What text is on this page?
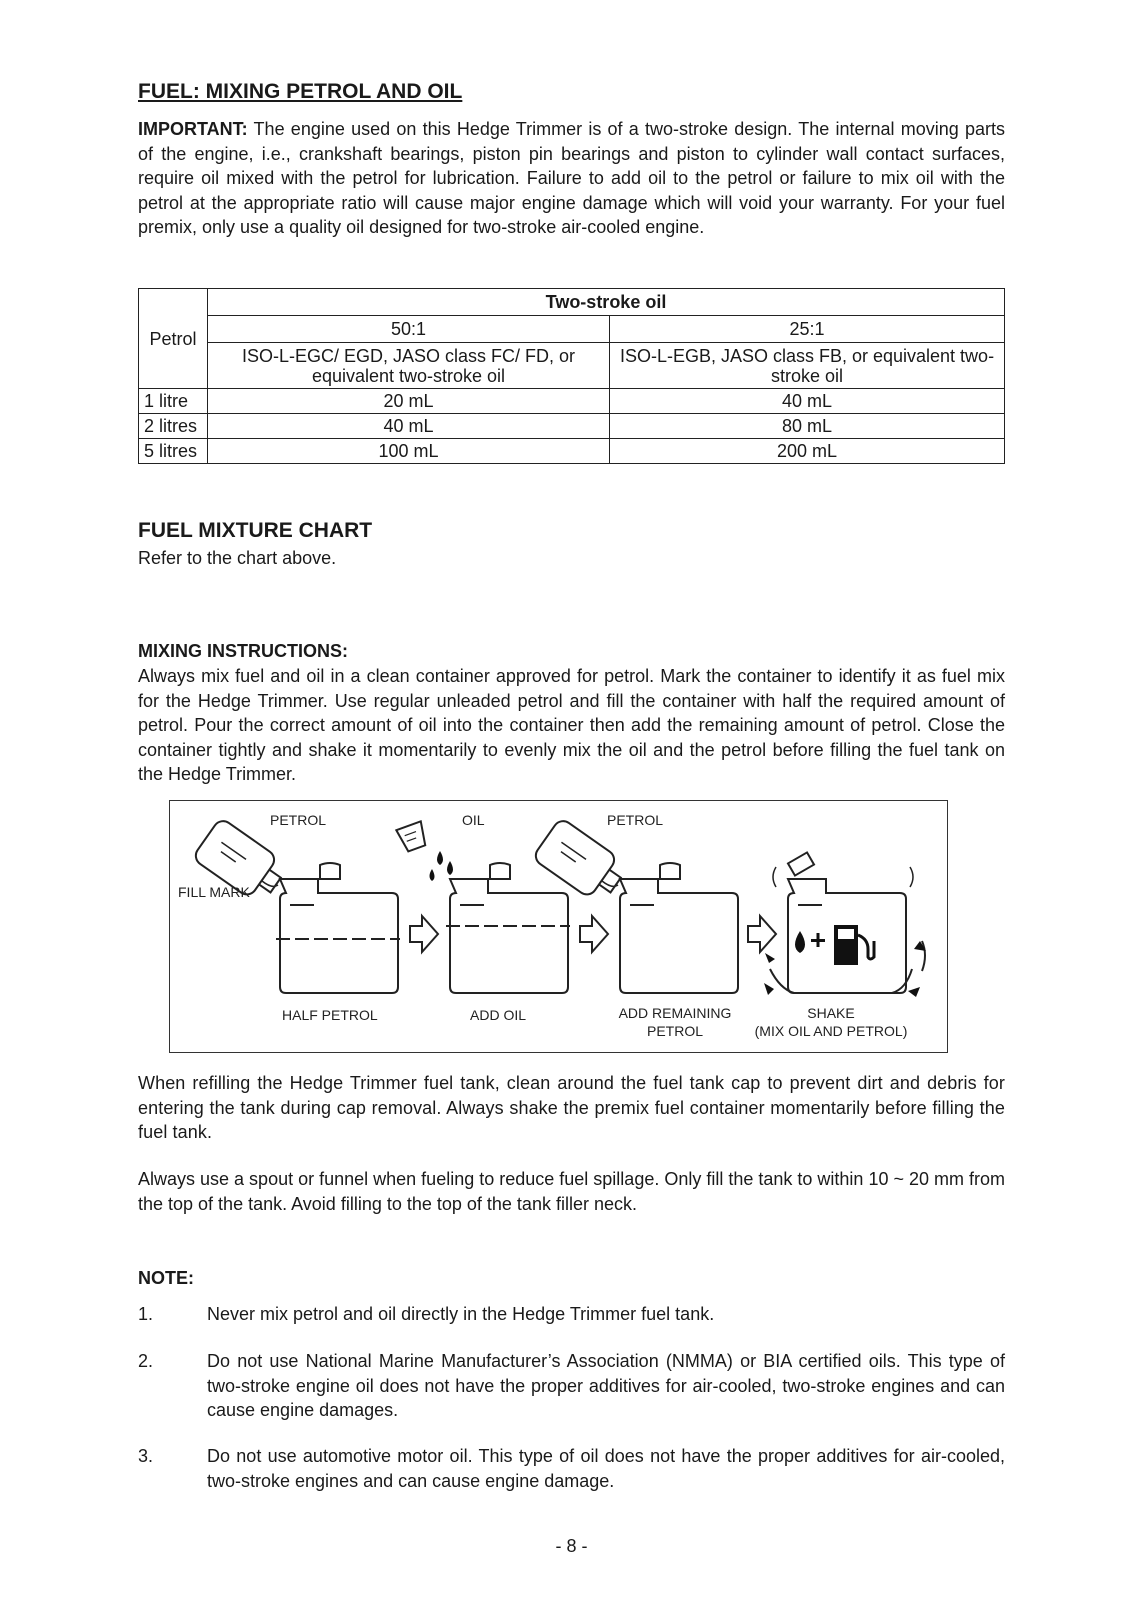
FUEL: MIXING PETROL AND OIL

IMPORTANT: The engine used on this Hedge Trimmer is of a two-stroke design. The internal moving parts of the engine, i.e., crankshaft bearings, piston pin bearings and piston to cylinder wall contact surfaces, require oil mixed with the petrol for lubrication. Failure to add oil to the petrol or failure to mix oil with the petrol at the appropriate ratio will cause major engine damage which will void your warranty. For your fuel premix, only use a quality oil designed for two-stroke air-cooled engine.

Petrol	Two-stroke oil	
	50:1	25:1
	ISO-L-EGC/ EGD, JASO class FC/ FD, or equivalent two-stroke oil	ISO-L-EGB, JASO class FB, or equivalent two-stroke oil
1 litre	20 mL	40 mL
2 litres	40 mL	80 mL
5 litres	100 mL	200 mL
FUEL MIXTURE CHART

Refer to the chart above.

MIXING INSTRUCTIONS:

Always mix fuel and oil in a clean container approved for petrol. Mark the container to identify it as fuel mix for the Hedge Trimmer. Use regular unleaded petrol and fill the container with half the required amount of petrol. Pour the correct amount of oil into the container then add the remaining amount of petrol. Close the container tightly and shake it momentarily to evenly mix the oil and the petrol before filling the fuel tank on the Hedge Trimmer.

PETROL	OIL	PETROL
FILL MARK
HALF PETROL	ADD OIL	ADD REMAINING
PETROL
SHAKE
(MIX OIL AND PETROL)

When refilling the Hedge Trimmer fuel tank, clean around the fuel tank cap to prevent dirt and debris for entering the tank during cap removal. Always shake the premix fuel container momentarily before filling the fuel tank.

Always use a spout or funnel when fueling to reduce fuel spillage. Only fill the tank to within 10 ~ 20 mm from the top of the tank. Avoid filling to the top of the tank filler neck.

NOTE:
1.	Never mix petrol and oil directly in the Hedge Trimmer fuel tank.
2.	Do not use National Marine Manufacturer’s Association (NMMA) or BIA certified oils. This type of two-stroke engine oil does not have the proper additives for air-cooled, two-stroke engines and can cause engine damages.
3.	Do not use automotive motor oil. This type of oil does not have the proper additives for air-cooled, two-stroke engines and can cause engine damage.
- 8 -
